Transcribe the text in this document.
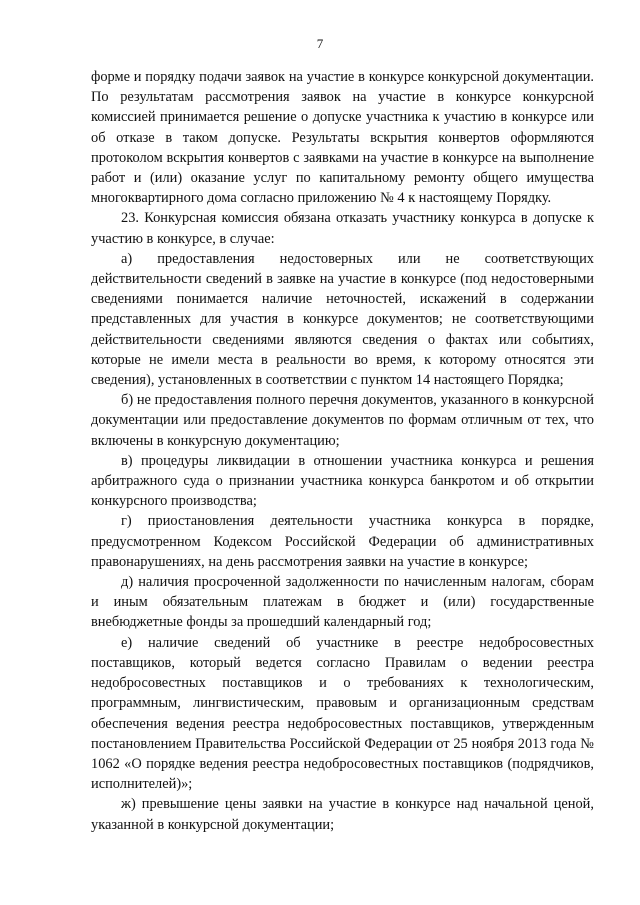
7

форме и порядку подачи заявок на участие в конкурсе конкурсной документации. По результатам рассмотрения заявок на участие в конкурсе конкурсной комиссией принимается решение о допуске участника к участию в конкурсе или об отказе в таком допуске. Результаты вскрытия конвертов оформляются протоколом вскрытия конвертов с заявками на участие в конкурсе на выполнение работ и (или) оказание услуг по капитальному ремонту общего имущества многоквартирного дома согласно приложению № 4 к настоящему Порядку.

23. Конкурсная комиссия обязана отказать участнику конкурса в допуске к участию в конкурсе, в случае:

а) предоставления недостоверных или не соответствующих действительности сведений в заявке на участие в конкурсе (под недостоверными сведениями понимается наличие неточностей, искажений в содержании представленных для участия в конкурсе документов; не соответствующими действительности сведениями являются сведения о фактах или событиях, которые не имели места в реальности во время, к которому относятся эти сведения), установленных в соответствии с пунктом 14 настоящего Порядка;

б) не предоставления полного перечня документов, указанного в конкурсной документации или предоставление документов по формам отличным от тех, что включены в конкурсную документацию;

в) процедуры ликвидации в отношении участника конкурса и решения арбитражного суда о признании участника конкурса банкротом и об открытии конкурсного производства;

г) приостановления деятельности участника конкурса в порядке, предусмотренном Кодексом Российской Федерации об административных правонарушениях, на день рассмотрения заявки на участие в конкурсе;

д) наличия просроченной задолженности по начисленным налогам, сборам и иным обязательным платежам в бюджет и (или) государственные внебюджетные фонды за прошедший календарный год;

е) наличие сведений об участнике в реестре недобросовестных поставщиков, который ведется согласно Правилам о ведении реестра недобросовестных поставщиков и о требованиях к технологическим, программным, лингвистическим, правовым и организационным средствам обеспечения ведения реестра недобросовестных поставщиков, утвержденным постановлением Правительства Российской Федерации от 25 ноября 2013 года № 1062 «О порядке ведения реестра недобросовестных поставщиков (подрядчиков, исполнителей)»;

ж) превышение цены заявки на участие в конкурсе над начальной ценой, указанной в конкурсной документации;
